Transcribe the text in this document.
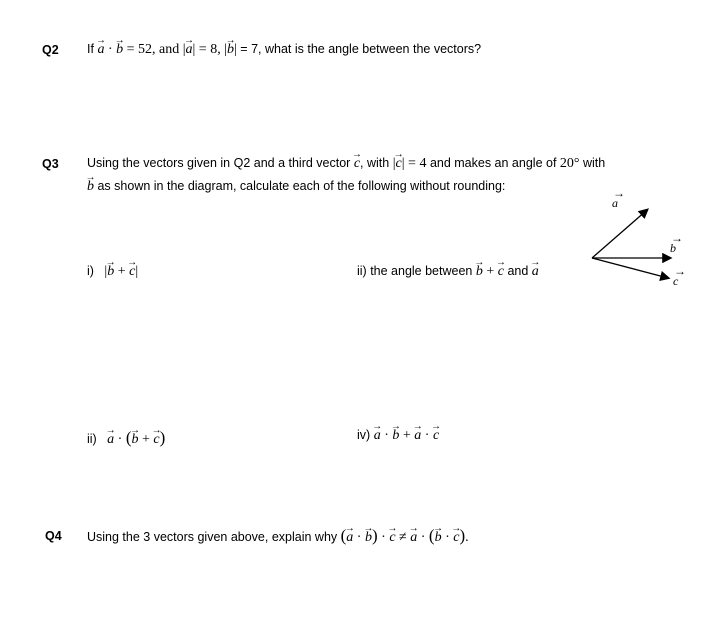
Q2 If → a · → b = 52, and |→ a| = 8, |→ b| = 7, what is the angle between the vectors?
Q3 Using the vectors given in Q2 and a third vector → c, with |→ c| = 4 and makes an angle of 20° with
→ b as shown in the diagram, calculate each of the following without rounding:
i) |→ b + → c|	ii) the angle between → b + → c and → a
ii) → a · (→ b + → c)	iv) → a · → b + → a · → c
Q4 Using the 3 vectors given above, explain why (→ a · → b) · → c ≠ → a · (→ b · → c).
a
→
b
→
c
→
